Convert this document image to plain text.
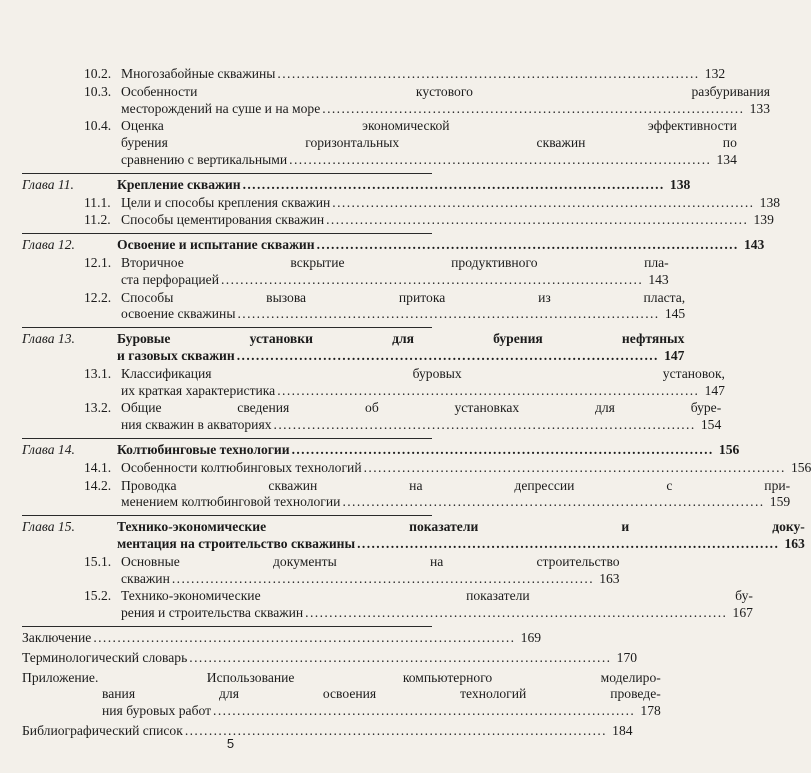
10.2. Многозабойные скважины . . .	132
10.3. Особенности кустового разбуривания
месторождений на суше и на море . . .	133
10.4. Оценка экономической эффективности
бурения горизонтальных скважин по
сравнению с вертикальными . . .	134
Глава 11.	Крепление скважин . . .	138
11.1. Цели и способы крепления скважин . . .	138
11.2. Способы цементирования скважин . . .	139
Глава 12.	Освоение и испытание скважин . . .	143
12.1. Вторичное вскрытие продуктивного пла-
ста перфорацией . . .	143
12.2. Способы вызова притока из пласта,
освоение скважины . . .	145
Глава 13.	Буровые установки для бурения нефтяных
и газовых скважин . . .	147
13.1. Классификация буровых установок,
их краткая характеристика . . .	147
13.2. Общие сведения об установках для буре-
ния скважин в акваториях . . .	154
Глава 14.	Колтюбинговые технологии . . .	156
14.1. Особенности колтюбинговых технологий . . .	156
14.2. Проводка скважин на депрессии с при-
менением колтюбинговой технологии . . .	159
Глава 15.	Технико-экономические показатели и доку-
ментация на строительство скважины . . .	163
15.1. Основные документы на строительство
скважин . . .	163
15.2. Технико-экономические показатели бу-
рения и строительства скважин . . .	167
Заключение . . .	169
Терминологический словарь . . .	170
Приложение. Использование компьютерного моделиро-
вания для освоения технологий проведе-
ния буровых работ . . .	178
Библиографический список . . .	184
5
